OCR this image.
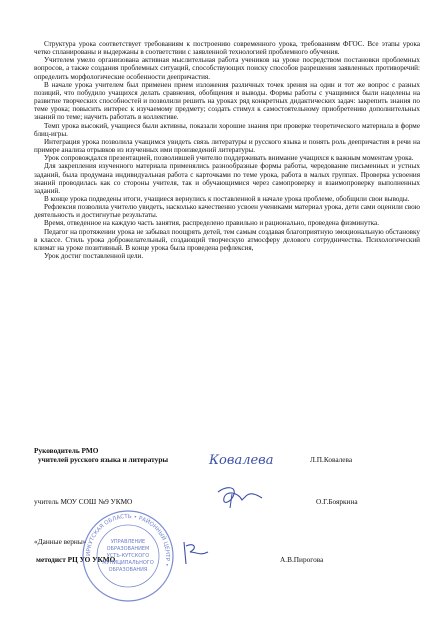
Структура урока соответствует требованиям к построению современного урока, требованиям ФГОС. Все этапы урока четко спланированы и выдержаны в соответствии с заявленной технологией проблемного обучения.

Учителем умело организована активная мыслительная работа учеников на уроке посредством постановки проблемных вопросов, а также создания проблемных ситуаций, способствующих поиску способов разрешения заявленных противоречий: определить морфологические особенности деепричастия.

В начале урока учителем был применен прием изложения различных точек зрения на один и тот же вопрос с разных позиций, что побудило учащихся делать сравнения, обобщения и выводы. Формы работы с учащимися были нацелены на развитие творческих способностей и позволили решить на уроках ряд конкретных дидактических задач: закрепить знания по теме урока; повысить интерес к изучаемому предмету; создать стимул к самостоятельному приобретению дополнительных знаний по теме; научить работать в коллективе.

Темп урока высокий, учащиеся были активны, показали хорошие знания при проверке теоретического материала в форме блиц-игры.

Интеграция урока позволила учащимся увидеть связь литературы и русского языка и понять роль деепричастия в речи на примере анализа отрывков из изученных ими произведений литературы.

Урок сопровождался презентацией, позволившей учителю поддерживать внимание учащихся к важным моментам урока.

Для закрепления изученного материала применялись разнообразные формы работы, чередование письменных и устных заданий, была продумана индивидуальная работа с карточками по теме урока, работа в малых группах. Проверка усвоения знаний проводилась как со стороны учителя, так и обучающимися через самопроверку и взаимопроверку выполненных заданий.

В конце урока подведены итоги, учащиеся вернулись к поставленной в начале урока проблеме, обобщили свои выводы.

Рефлексия позволила учителю увидеть, насколько качественно усвоен учениками материал урока, дети сами оценили свою деятельность и достигнутые результаты.

Время, отведенное на каждую часть занятия, распределено правильно и рационально, проведена физминутка.

Педагог на протяжении урока не забывал поощрять детей, тем самым создавая благоприятную эмоциональную обстановку в классе. Стиль урока доброжелательный, создающий творческую атмосферу делового сотрудничества. Психологический климат на уроке позитивный. В конце урока была проведена рефлексия,

Урок достиг поставленной цели.

Руководитель РМО
учителей русского языка и литературы	Ковалева	Л.П.Ковалева
учитель МОУ СОШ №9 УКМО	О.Г.Бояркина
«Данные верны»
методист РЦ УО УКМО	А.В.Пирогова
ИРКУТСКАЯ ОБЛАСТЬ • РАЙОННЫЙ ЦЕНТР •
УПРАВЛЕНИЕ
ОБРАЗОВАНИЕМ
УСТЬ-КУТСКОГО
МУНИЦИПАЛЬНОГО
ОБРАЗОВАНИЯ
